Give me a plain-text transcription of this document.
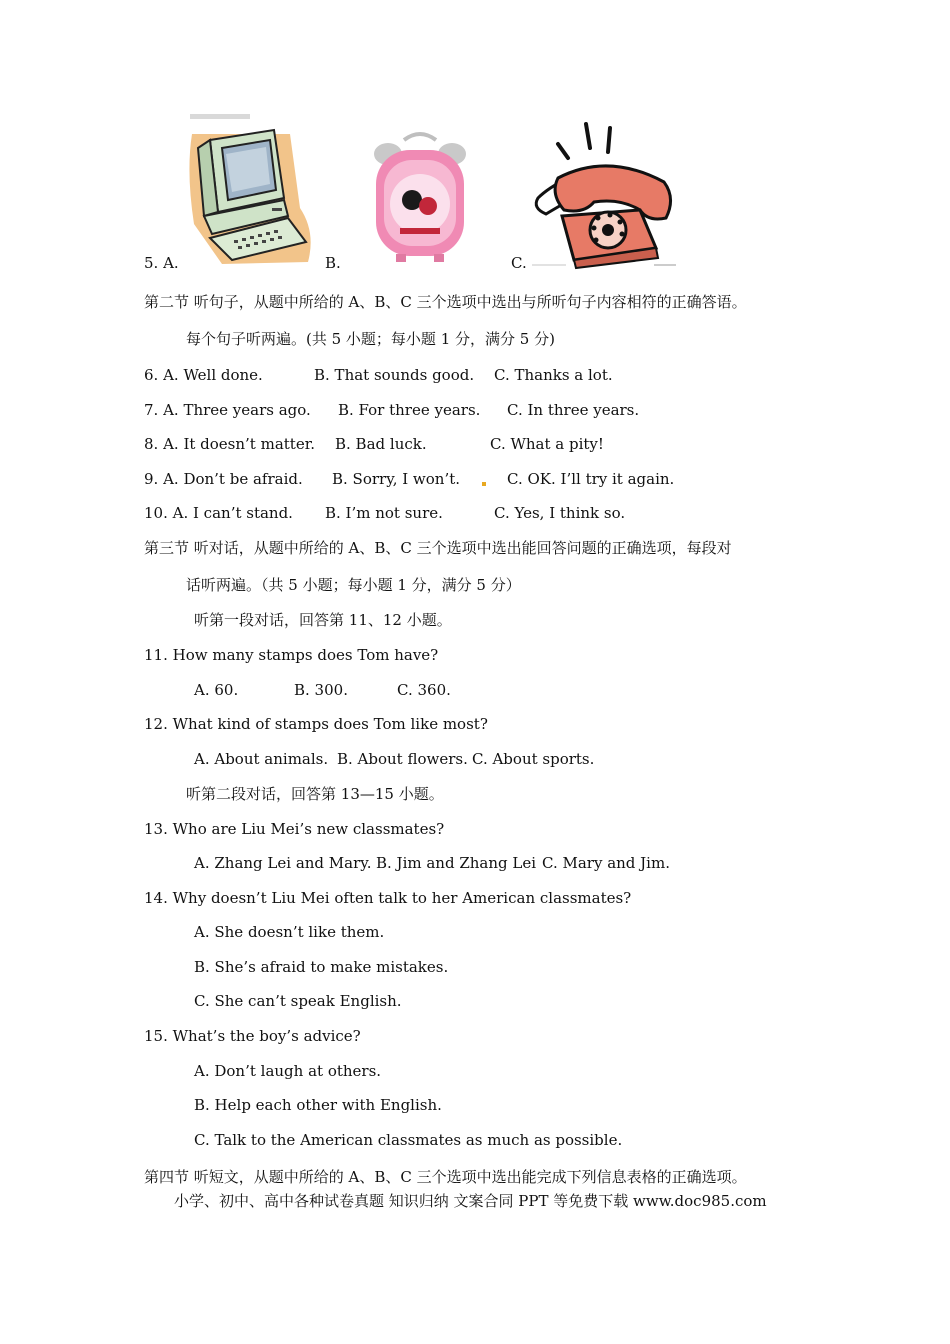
5. A.	B.	C.
第二节 听句子，从题中所给的 A、B、C 三个选项中选出与所听句子内容相符的正确答语。
每个句子听两遍。(共 5 小题；每小题 1 分，满分 5 分)
6. A. Well done.	B. That sounds good. C. Thanks a lot.
7. A. Three years ago. B. For three years. C. In three years.
8. A. It doesn’t matter. B. Bad luck.	C. What a pity!
9. A. Don’t be afraid. B. Sorry, I won’t.	C. OK. I’ll try it again.
10. A. I can’t stand. B. I’m not sure.	C. Yes, I think so.
第三节 听对话，从题中所给的 A、B、C 三个选项中选出能回答问题的正确选项，每段对
话听两遍。（共 5 小题；每小题 1 分，满分 5 分）
听第一段对话，回答第 11、12 小题。
11. How many stamps does Tom have?
A. 60.	B. 300.	C. 360.
12. What kind of stamps does Tom like most?
A. About animals. B. About flowers. C. About sports.
听第二段对话，回答第 13—15 小题。
13. Who are Liu Mei’s new classmates?
A. Zhang Lei and Mary. B. Jim and Zhang Lei C. Mary and Jim.
14. Why doesn’t Liu Mei often talk to her American classmates?
A. She doesn’t like them.
B. She’s afraid to make mistakes.
C. She can’t speak English.
15. What’s the boy’s advice?
A. Don’t laugh at others.
B. Help each other with English.
C. Talk to the American classmates as much as possible.
第四节 听短文，从题中所给的 A、B、C 三个选项中选出能完成下列信息表格的正确选项。
小学、初中、高中各种试卷真题 知识归纳 文案合同 PPT 等免费下载 www.doc985.com
